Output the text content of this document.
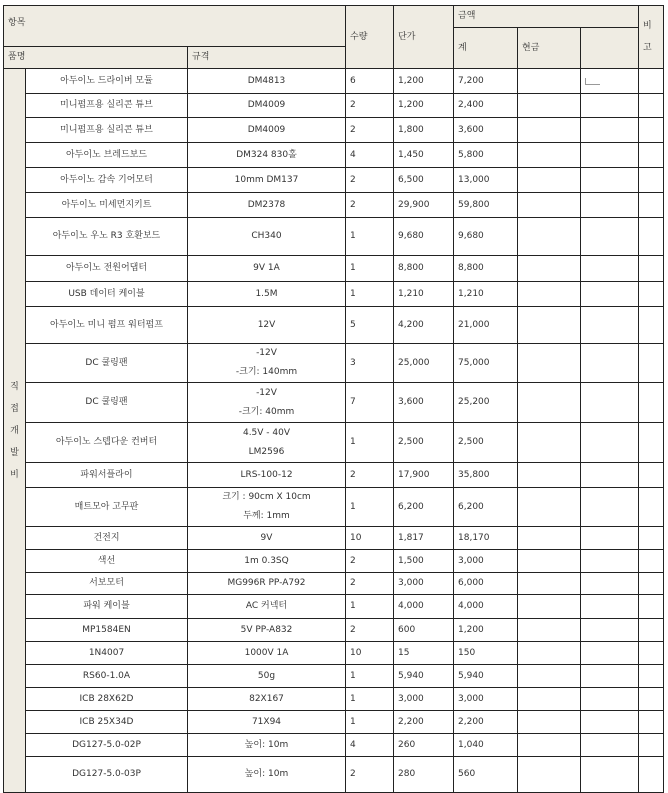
항목			수량	단가	금액			비고
					계	현금		
품명		규격						
직접개발비	아두이노 드라이버 모듈	DM4813	6	1,200	7,200			
	미니펌프용 실리콘 튜브	DM4009	2	1,200	2,400			
	미니펌프용 실리콘 튜브	DM4009	2	1,800	3,600			
	아두이노 브레드보드	DM324 830홀	4	1,450	5,800			
	아두이노 감속 기어모터	10mm DM137	2	6,500	13,000			
	아두이노 미세먼지키트	DM2378	2	29,900	59,800			
	아두이노 우노 R3 호환보드	CH340	1	9,680	9,680			
	아두이노 전원어댑터	9V 1A	1	8,800	8,800			
	USB 데이터 케이블	1.5M	1	1,210	1,210			
	아두이노 미니 펌프 워터펌프	12V	5	4,200	21,000			
	DC 쿨링팬	-12V
-크기: 140mm	3	25,000	75,000			
	DC 쿨링팬	-12V
-크기: 40mm	7	3,600	25,200			
	아두이노 스텝다운 컨버터	4.5V - 40V
LM2596	1	2,500	2,500			
	파워서플라이	LRS-100-12	2	17,900	35,800			
	매트모아 고무판	크기 : 90cm X 10cm
두께: 1mm	1	6,200	6,200			
	건전지	9V	10	1,817	18,170			
	색선	1m 0.3SQ	2	1,500	3,000			
	서보모터	MG996R PP-A792	2	3,000	6,000			
	파워 케이블	AC 커넥터	1	4,000	4,000			
	MP1584EN	5V PP-A832	2	600	1,200			
	1N4007	1000V 1A	10	15	150			
	RS60-1.0A	50g	1	5,940	5,940			
	ICB 28X62D	82X167	1	3,000	3,000			
	ICB 25X34D	71X94	1	2,200	2,200			
	DG127-5.0-02P	높이: 10m	4	260	1,040			
	DG127-5.0-03P	높이: 10m	2	280	560			
